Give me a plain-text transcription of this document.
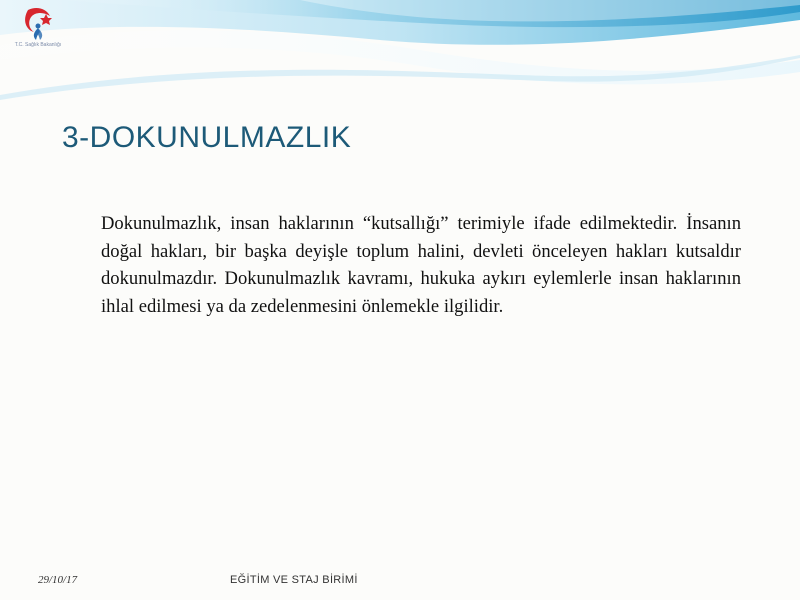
T.C. Sağlık Bakanlığı
3-DOKUNULMAZLIK

Dokunulmazlık, insan haklarının “kutsallığı” terimiyle ifade edilmektedir. İnsanın doğal hakları, bir başka deyişle toplum halini, devleti önceleyen hakları kutsaldır dokunulmazdır. Dokunulmazlık kavramı, hukuka aykırı eylemlerle insan haklarının ihlal edilmesi ya da zedelenmesini önlemekle ilgilidir.

29/10/17	EĞİTİM VE STAJ BİRİMİ
